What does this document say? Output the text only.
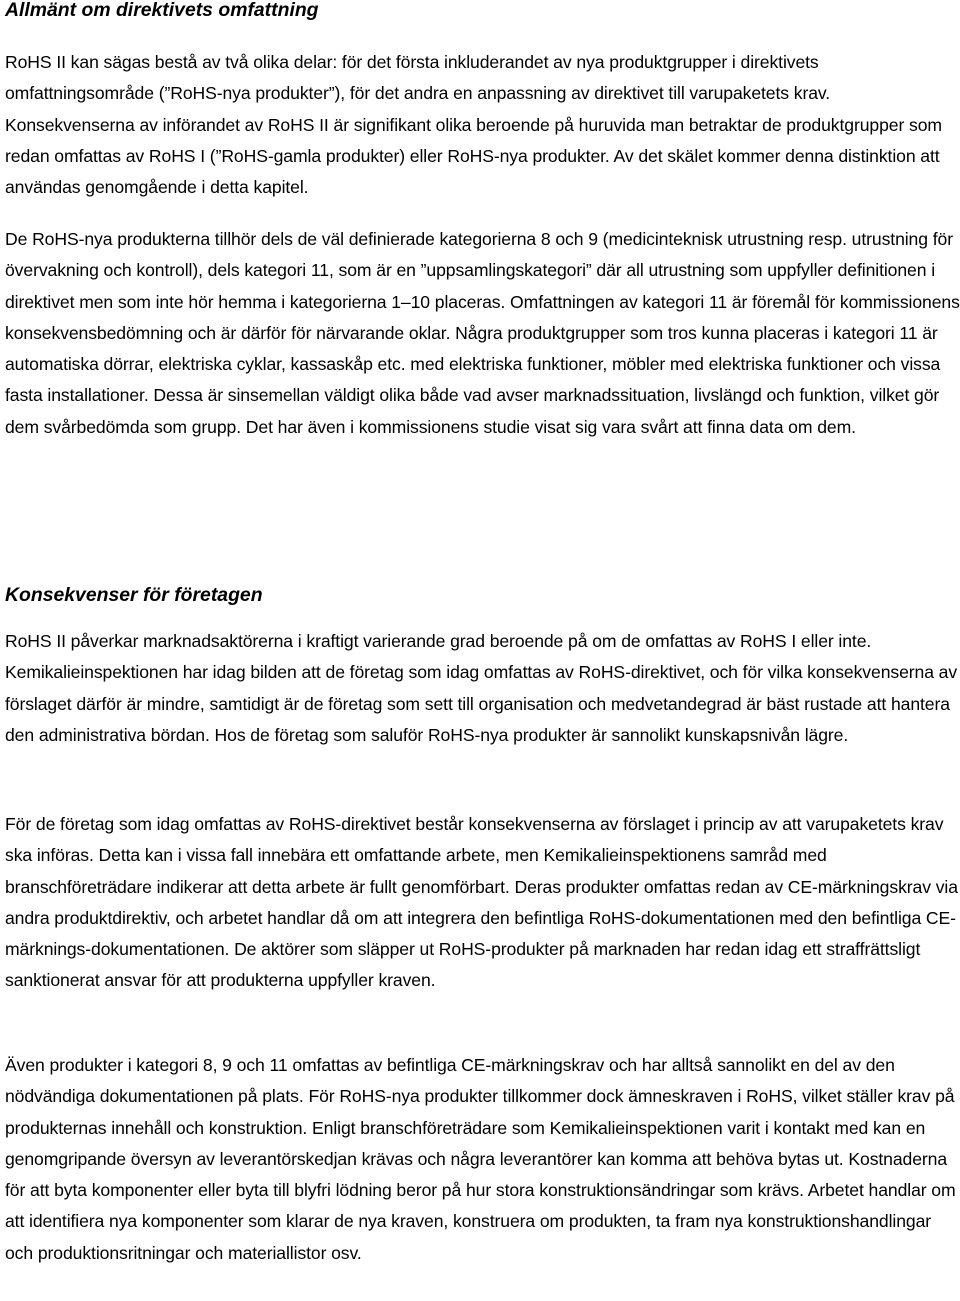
Allmänt om direktivets omfattning

RoHS II kan sägas bestå av två olika delar: för det första inkluderandet av nya produktgrupper i direktivets omfattningsområde (”RoHS-nya produkter”), för det andra en anpassning av direktivet till varupaketets krav. Konsekvenserna av införandet av RoHS II är signifikant olika beroende på huruvida man betraktar de produktgrupper som redan omfattas av RoHS I (”RoHS-gamla produkter) eller RoHS-nya produkter. Av det skälet kommer denna distinktion att användas genomgående i detta kapitel.

De RoHS-nya produkterna tillhör dels de väl definierade kategorierna 8 och 9 (medicinteknisk utrustning resp. utrustning för övervakning och kontroll), dels kategori 11, som är en ”uppsamlingskategori” där all utrustning som uppfyller definitionen i direktivet men som inte hör hemma i kategorierna 1–10 placeras. Omfattningen av kategori 11 är föremål för kommissionens konsekvensbedömning och är därför för närvarande oklar. Några produktgrupper som tros kunna placeras i kategori 11 är automatiska dörrar, elektriska cyklar, kassaskåp etc. med elektriska funktioner, möbler med elektriska funktioner och vissa fasta installationer. Dessa är sinsemellan väldigt olika både vad avser marknadssituation, livslängd och funktion, vilket gör dem svårbedömda som grupp. Det har även i kommissionens studie visat sig vara svårt att finna data om dem.

Konsekvenser för företagen

RoHS II påverkar marknadsaktörerna i kraftigt varierande grad beroende på om de omfattas av RoHS I eller inte. Kemikalieinspektionen har idag bilden att de företag som idag omfattas av RoHS-direktivet, och för vilka konsekvenserna av förslaget därför är mindre, samtidigt är de företag som sett till organisation och medvetandegrad är bäst rustade att hantera den administrativa bördan. Hos de företag som saluför RoHS-nya produkter är sannolikt kunskapsnivån lägre.

För de företag som idag omfattas av RoHS-direktivet består konsekvenserna av förslaget i princip av att varupaketets krav ska införas. Detta kan i vissa fall innebära ett omfattande arbete, men Kemikalieinspektionens samråd med branschföreträdare indikerar att detta arbete är fullt genomförbart. Deras produkter omfattas redan av CE-märkningskrav via andra produktdirektiv, och arbetet handlar då om att integrera den befintliga RoHS-dokumentationen med den befintliga CE-märknings-dokumentationen. De aktörer som släpper ut RoHS-produkter på marknaden har redan idag ett straffrättsligt sanktionerat ansvar för att produkterna uppfyller kraven.

Även produkter i kategori 8, 9 och 11 omfattas av befintliga CE-märkningskrav och har alltså sannolikt en del av den nödvändiga dokumentationen på plats. För RoHS-nya produkter tillkommer dock ämneskraven i RoHS, vilket ställer krav på produkternas innehåll och konstruktion. Enligt branschföreträdare som Kemikalieinspektionen varit i kontakt med kan en genomgripande översyn av leverantörskedjan krävas och några leverantörer kan komma att behöva bytas ut. Kostnaderna för att byta komponenter eller byta till blyfri lödning beror på hur stora konstruktionsändringar som krävs. Arbetet handlar om att identifiera nya komponenter som klarar de nya kraven, konstruera om produkten, ta fram nya konstruktionshandlingar och produktionsritningar och materiallistor osv.
